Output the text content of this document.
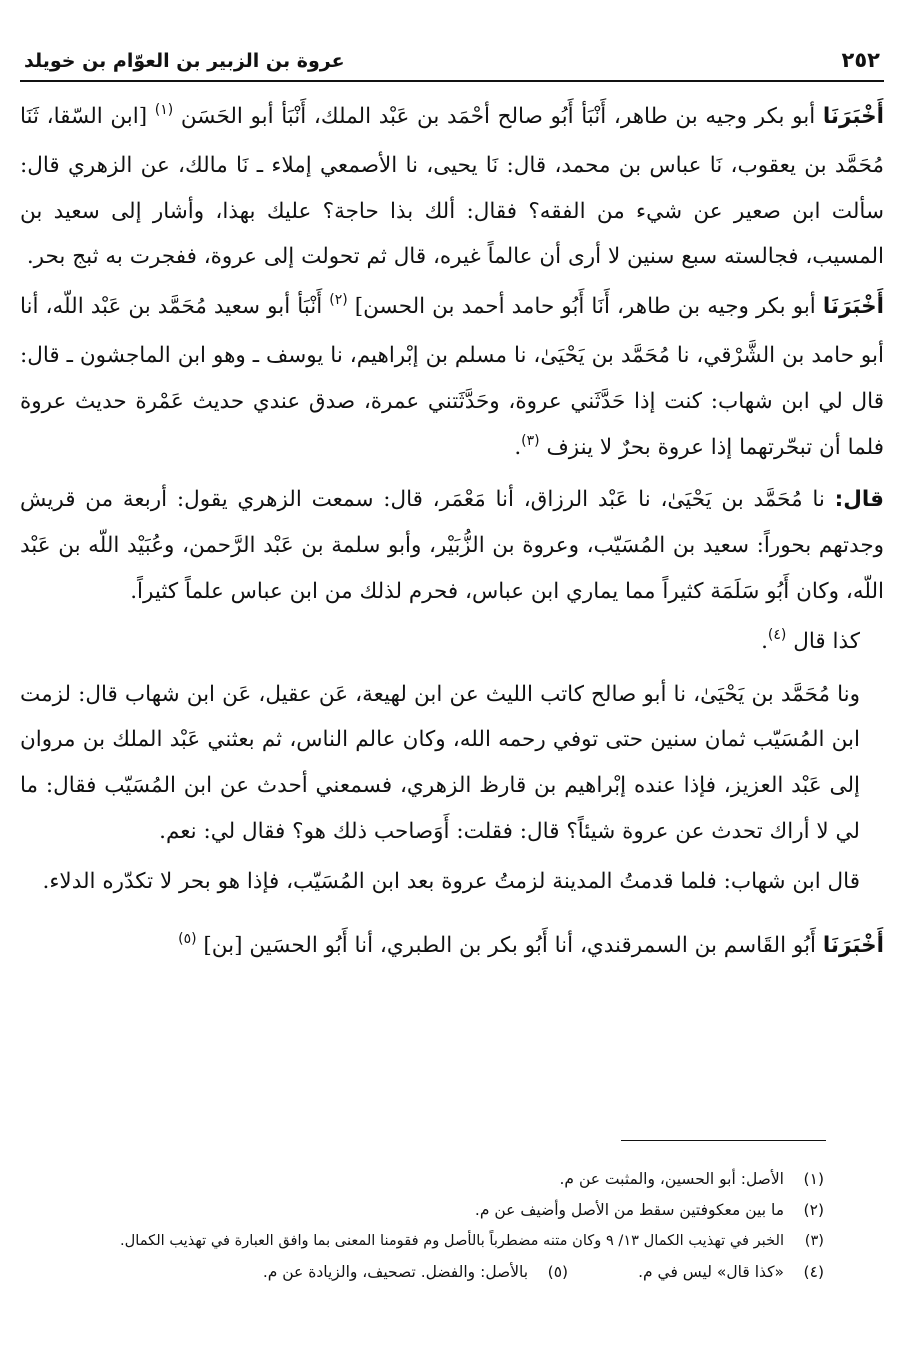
٢٥٢
عروة بن الزبير بن العوّام بن خويلد

أَخْبَرَنَا أبو بكر وجيه بن طاهر، أَنْبَأ أَبُو صالح أحْمَد بن عَبْد الملك، أَنْبَأ أبو الحَسَن $^{(١)}$ [ابن السّقا، ثَنَا مُحَمَّد بن يعقوب، نَا عباس بن محمد، قال: نَا يحيى، نا الأصمعي إملاء ـ نَا مالك، عن الزهري قال: سألت ابن صعير عن شيء من الفقه؟ فقال: ألك بذا حاجة؟ عليك بهذا، وأشار إلى سعيد بن المسيب، فجالسته سبع سنين لا أرى أن عالماً غيره، قال ثم تحولت إلى عروة، ففجرت به ثبج بحر.

أَخْبَرَنَا أبو بكر وجيه بن طاهر، أَنَا أَبُو حامد أحمد بن الحسن] $^{(٢)}$ أَنْبَأ أبو سعيد مُحَمَّد بن عَبْد اللّه، أنا أبو حامد بن الشَّرْقي، نا مُحَمَّد بن يَحْيَىٰ، نا مسلم بن إبْراهيم، نا يوسف ـ وهو ابن الماجشون ـ قال: قال لي ابن شهاب: كنت إذا حَدَّثَني عروة، وحَدَّثَتني عمرة، صدق عندي حديث عَمْرة حديث عروة فلما أن تبحّرتهما إذا عروة بحرٌ لا ينزف $^{(٣)}$.

قال: نا مُحَمَّد بن يَحْيَىٰ، نا عَبْد الرزاق، أنا مَعْمَر، قال: سمعت الزهري يقول: أربعة من قريش وجدتهم بحوراً: سعيد بن المُسَيّب، وعروة بن الزُّبَيْر، وأبو سلمة بن عَبْد الرَّحمن، وعُبَيْد اللّه بن عَبْد اللّه، وكان أَبُو سَلَمَة كثيراً مما يماري ابن عباس، فحرم لذلك من ابن عباس علماً كثيراً.

كذا قال $^{(٤)}$.

ونا مُحَمَّد بن يَحْيَىٰ، نا أبو صالح كاتب الليث عن ابن لهيعة، عَن عقيل، عَن ابن شهاب قال: لزمت ابن المُسَيّب ثمان سنين حتى توفي رحمه الله، وكان عالم الناس، ثم بعثني عَبْد الملك بن مروان إلى عَبْد العزيز، فإذا عنده إبْراهيم بن قارظ الزهري، فسمعني أحدث عن ابن المُسَيّب فقال: ما لي لا أراك تحدث عن عروة شيئاً؟ قال: فقلت: أَوَصاحب ذلك هو؟ فقال لي: نعم.

قال ابن شهاب: فلما قدمتُ المدينة لزمتُ عروة بعد ابن المُسَيّب، فإذا هو بحر لا تكدّره الدلاء.

أَخْبَرَنَا أَبُو القَاسم بن السمرقندي، أنا أَبُو بكر بن الطبري، أنا أَبُو الحسَين [بن] $^{(٥)}$

(١)
الأصل: أبو الحسين، والمثبت عن م.
(٢)
ما بين معكوفتين سقط من الأصل وأضيف عن م.
(٣)
الخبر في تهذيب الكمال ١٣/ ٩ وكان متنه مضطرباً بالأصل وم فقومنا المعنى بما وافق العبارة في تهذيب الكمال.
(٤)
«كذا قال» ليس في م.
(٥)
بالأصل: والفضل. تصحيف، والزيادة عن م.
